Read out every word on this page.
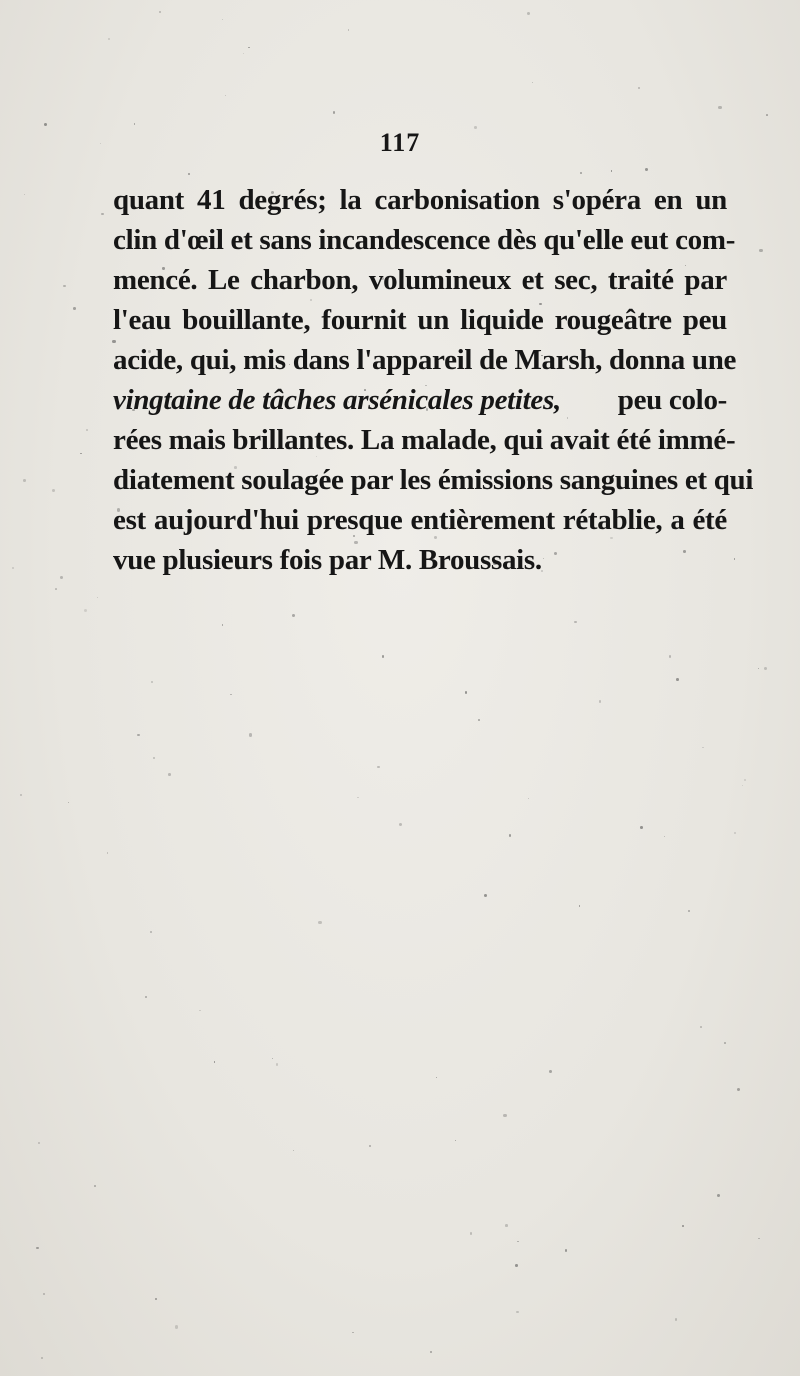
117
quant 41 degrés; la carbonisation s'opéra en un
clin d'œil et sans incandescence dès qu'elle eut com-
mencé. Le charbon, volumineux et sec, traité par
l'eau bouillante, fournit un liquide rougeâtre peu
acide, qui, mis dans l'appareil de Marsh, donna une
vingtaine de tâches arsénicales petites, peu colo-
rées mais brillantes. La malade, qui avait été immé-
diatement soulagée par les émissions sanguines et qui
est aujourd'hui presque entièrement rétablie, a été
vue plusieurs fois par M. Broussais.
